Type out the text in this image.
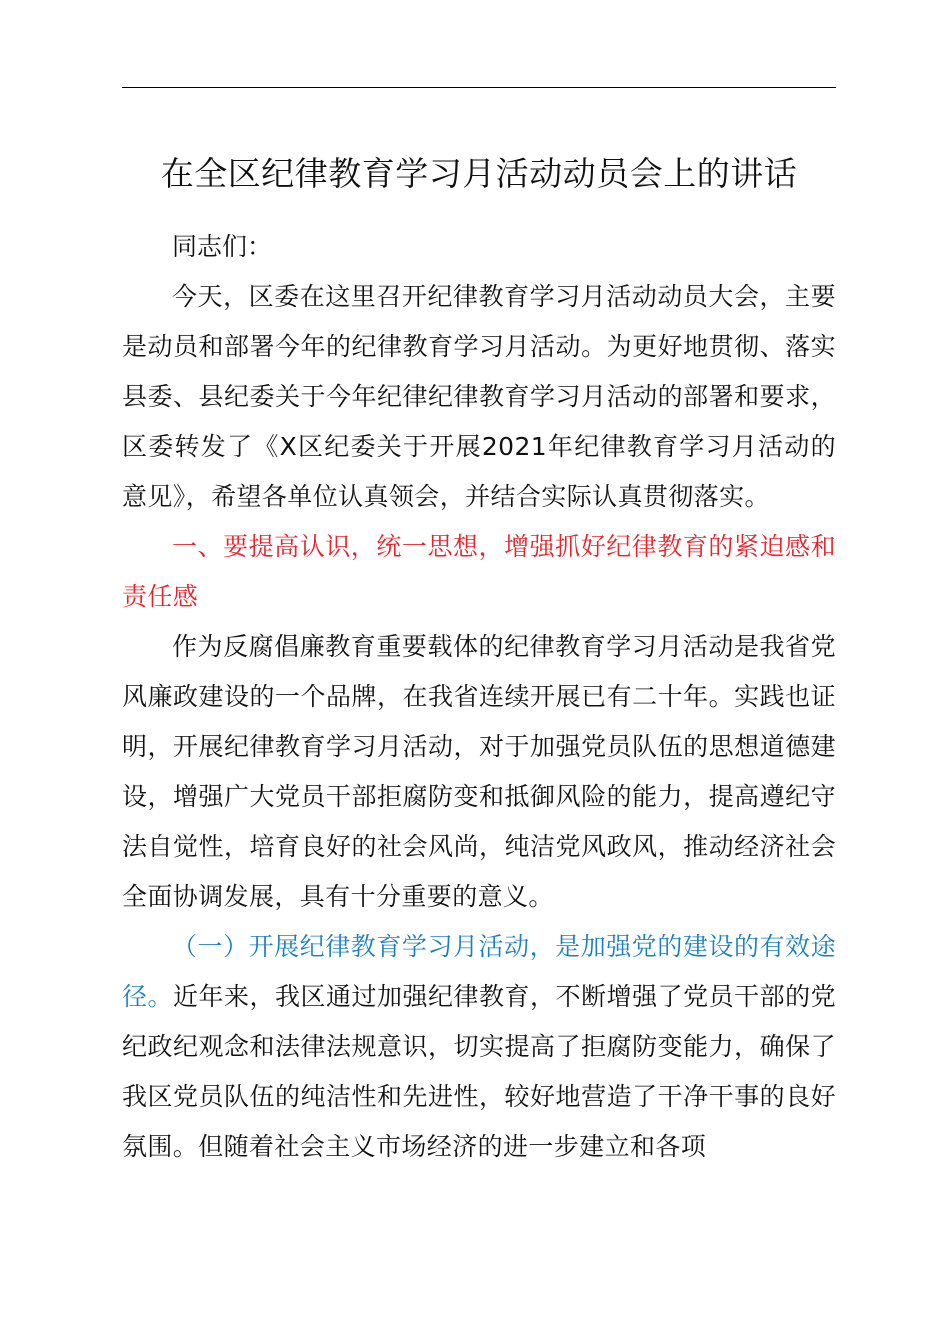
在全区纪律教育学习月活动动员会上的讲话

同志们：

今天，区委在这里召开纪律教育学习月活动动员大会，主要是动员和部署今年的纪律教育学习月活动。为更好地贯彻、落实县委、县纪委关于今年纪律纪律教育学习月活动的部署和要求，区委转发了《X区纪委关于开展2021年纪律教育学习月活动的意见》，希望各单位认真领会，并结合实际认真贯彻落实。

一、要提高认识，统一思想，增强抓好纪律教育的紧迫感和责任感

作为反腐倡廉教育重要载体的纪律教育学习月活动是我省党风廉政建设的一个品牌，在我省连续开展已有二十年。实践也证明，开展纪律教育学习月活动，对于加强党员队伍的思想道德建设，增强广大党员干部拒腐防变和抵御风险的能力，提高遵纪守法自觉性，培育良好的社会风尚，纯洁党风政风，推动经济社会全面协调发展，具有十分重要的意义。

（一）开展纪律教育学习月活动，是加强党的建设的有效途径。近年来，我区通过加强纪律教育，不断增强了党员干部的党纪政纪观念和法律法规意识，切实提高了拒腐防变能力，确保了我区党员队伍的纯洁性和先进性，较好地营造了干净干事的良好氛围。但随着社会主义市场经济的进一步建立和各项
